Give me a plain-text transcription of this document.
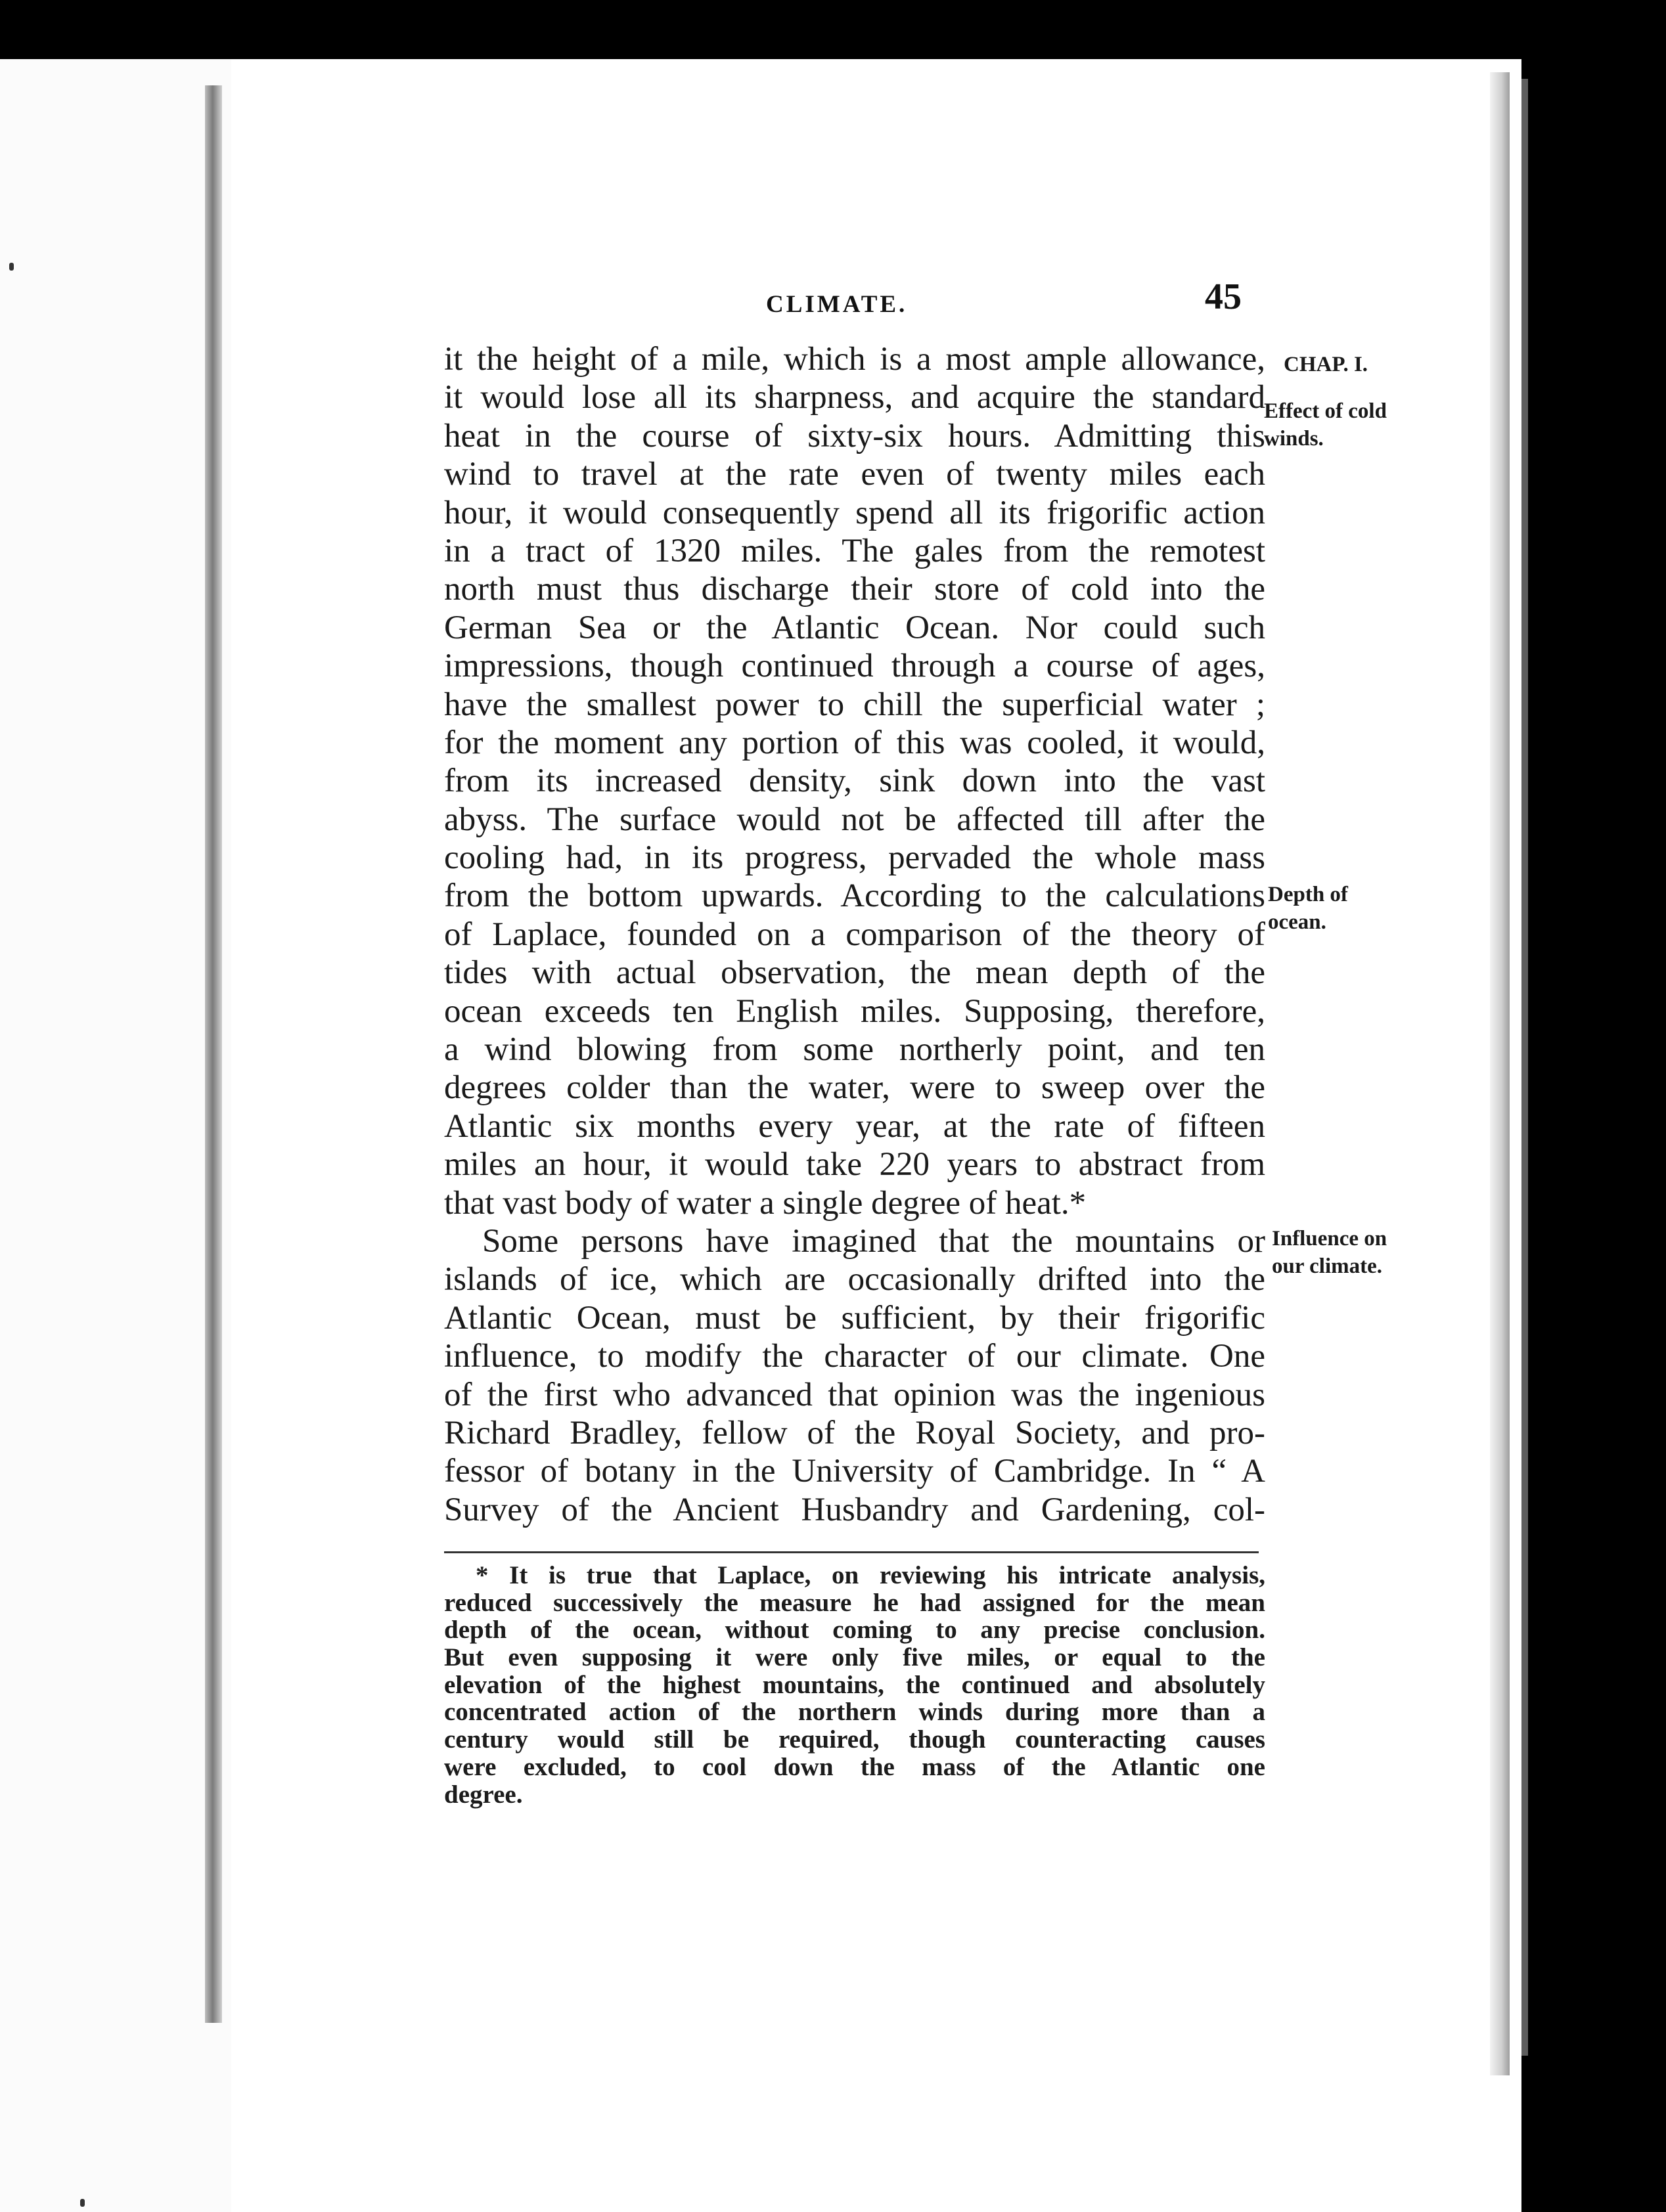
CLIMATE.	45
it the height of a mile, which is a most ample allowance,
it would lose all its sharpness, and acquire the standard
heat in the course of sixty-six hours. Admitting this
wind to travel at the rate even of twenty miles each
hour, it would consequently spend all its frigorific action
in a tract of 1320 miles. The gales from the remotest
north must thus discharge their store of cold into the
German Sea or the Atlantic Ocean. Nor could such
impressions, though continued through a course of ages,
have the smallest power to chill the superficial water ;
for the moment any portion of this was cooled, it would,
from its increased density, sink down into the vast
abyss. The surface would not be affected till after the
cooling had, in its progress, pervaded the whole mass
from the bottom upwards. According to the calculations
of Laplace, founded on a comparison of the theory of
tides with actual observation, the mean depth of the
ocean exceeds ten English miles. Supposing, therefore,
a wind blowing from some northerly point, and ten
degrees colder than the water, were to sweep over the
Atlantic six months every year, at the rate of fifteen
miles an hour, it would take 220 years to abstract from
that vast body of water a single degree of heat.*
Some persons have imagined that the mountains or
islands of ice, which are occasionally drifted into the
Atlantic Ocean, must be sufficient, by their frigorific
influence, to modify the character of our climate. One
of the first who advanced that opinion was the ingenious
Richard Bradley, fellow of the Royal Society, and pro-
fessor of botany in the University of Cambridge. In “ A
Survey of the Ancient Husbandry and Gardening, col-
CHAP. I.
Effect of cold
winds.
Depth of
ocean.
Influence on
our climate.
* It is true that Laplace, on reviewing his intricate analysis,
reduced successively the measure he had assigned for the mean
depth of the ocean, without coming to any precise conclusion.
But even supposing it were only five miles, or equal to the
elevation of the highest mountains, the continued and absolutely
concentrated action of the northern winds during more than a
century would still be required, though counteracting causes
were excluded, to cool down the mass of the Atlantic one
degree.
